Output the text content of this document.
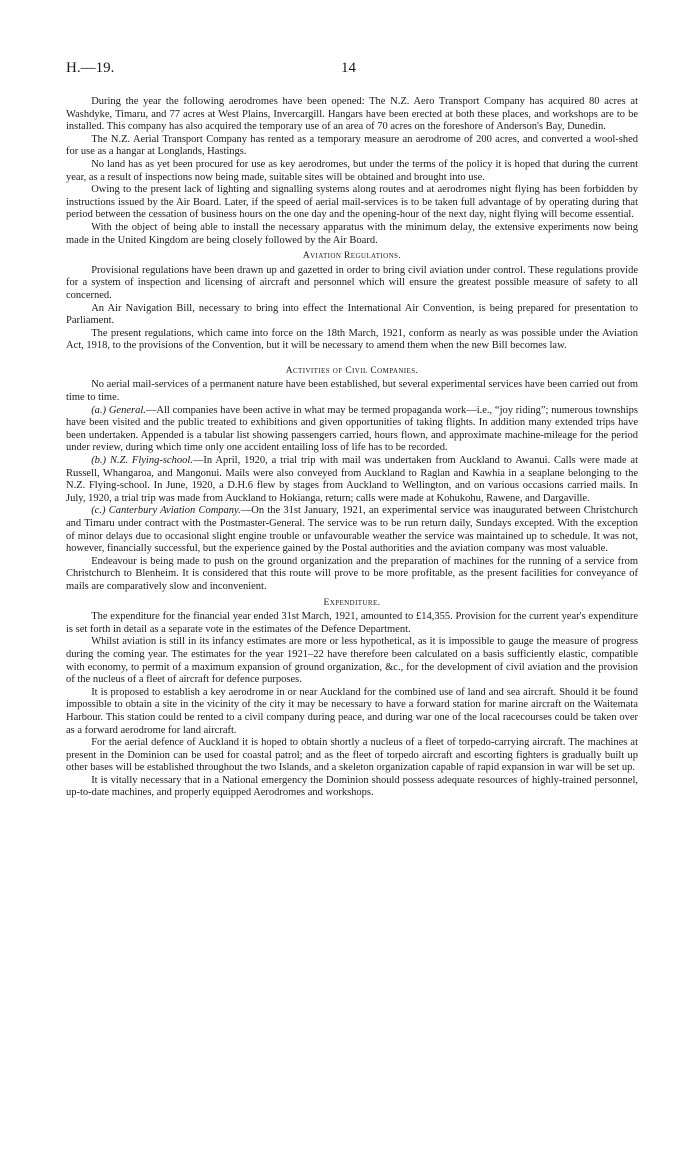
H.—19.	14

During the year the following aerodromes have been opened: The N.Z. Aero Transport Company has acquired 80 acres at Washdyke, Timaru, and 77 acres at West Plains, Invercargill. Hangars have been erected at both these places, and workshops are to be installed. This company has also acquired the temporary use of an area of 70 acres on the foreshore of Anderson's Bay, Dunedin.

The N.Z. Aerial Transport Company has rented as a temporary measure an aerodrome of 200 acres, and converted a wool-shed for use as a hangar at Longlands, Hastings.

No land has as yet been procured for use as key aerodromes, but under the terms of the policy it is hoped that during the current year, as a result of inspections now being made, suitable sites will be obtained and brought into use.

Owing to the present lack of lighting and signalling systems along routes and at aerodromes night flying has been forbidden by instructions issued by the Air Board. Later, if the speed of aerial mail-services is to be taken full advantage of by operating during that period between the cessation of business hours on the one day and the opening-hour of the next day, night flying will become essential.

With the object of being able to install the necessary apparatus with the minimum delay, the extensive experiments now being made in the United Kingdom are being closely followed by the Air Board.

Aviation Regulations.

Provisional regulations have been drawn up and gazetted in order to bring civil aviation under control. These regulations provide for a system of inspection and licensing of aircraft and personnel which will ensure the greatest possible measure of safety to all concerned.

An Air Navigation Bill, necessary to bring into effect the International Air Convention, is being prepared for presentation to Parliament.

The present regulations, which came into force on the 18th March, 1921, conform as nearly as was possible under the Aviation Act, 1918, to the provisions of the Convention, but it will be necessary to amend them when the new Bill becomes law.

Activities of Civil Companies.

No aerial mail-services of a permanent nature have been established, but several experimental services have been carried out from time to time.

(a.) General.—All companies have been active in what may be termed propaganda work—i.e., “joy riding”; numerous townships have been visited and the public treated to exhibitions and given opportunities of taking flights. In addition many extended trips have been undertaken. Appended is a tabular list showing passengers carried, hours flown, and approximate machine-mileage for the period under review, during which time only one accident entailing loss of life has to be recorded.

(b.) N.Z. Flying-school.—In April, 1920, a trial trip with mail was undertaken from Auckland to Awanui. Calls were made at Russell, Whangaroa, and Mangonui. Mails were also conveyed from Auckland to Raglan and Kawhia in a seaplane belonging to the N.Z. Flying-school. In June, 1920, a D.H.6 flew by stages from Auckland to Wellington, and on various occasions carried mails. In July, 1920, a trial trip was made from Auckland to Hokianga, return; calls were made at Kohukohu, Rawene, and Dargaville.

(c.) Canterbury Aviation Company.—On the 31st January, 1921, an experimental service was inaugurated between Christchurch and Timaru under contract with the Postmaster-General. The service was to be run return daily, Sundays excepted. With the exception of minor delays due to occasional slight engine trouble or unfavourable weather the service was maintained up to schedule. It was not, however, financially successful, but the experience gained by the Postal authorities and the aviation company was most valuable.

Endeavour is being made to push on the ground organization and the preparation of machines for the running of a service from Christchurch to Blenheim. It is considered that this route will prove to be more profitable, as the present facilities for conveyance of mails are comparatively slow and inconvenient.

Expenditure.

The expenditure for the financial year ended 31st March, 1921, amounted to £14,355. Provision for the current year's expenditure is set forth in detail as a separate vote in the estimates of the Defence Department.

Whilst aviation is still in its infancy estimates are more or less hypothetical, as it is impossible to gauge the measure of progress during the coming year. The estimates for the year 1921–22 have therefore been calculated on a basis sufficiently elastic, compatible with economy, to permit of a maximum expansion of ground organization, &c., for the development of civil aviation and the provision of the nucleus of a fleet of aircraft for defence purposes.

It is proposed to establish a key aerodrome in or near Auckland for the combined use of land and sea aircraft. Should it be found impossible to obtain a site in the vicinity of the city it may be necessary to have a forward station for marine aircraft on the Waitemata Harbour. This station could be rented to a civil company during peace, and during war one of the local racecourses could be taken over as a forward aerodrome for land aircraft.

For the aerial defence of Auckland it is hoped to obtain shortly a nucleus of a fleet of torpedo-carrying aircraft. The machines at present in the Dominion can be used for coastal patrol; and as the fleet of torpedo aircraft and escorting fighters is gradually built up other bases will be established throughout the two Islands, and a skeleton organization capable of rapid expansion in war will be set up.

It is vitally necessary that in a National emergency the Dominion should possess adequate resources of highly-trained personnel, up-to-date machines, and properly equipped Aerodromes and workshops.
